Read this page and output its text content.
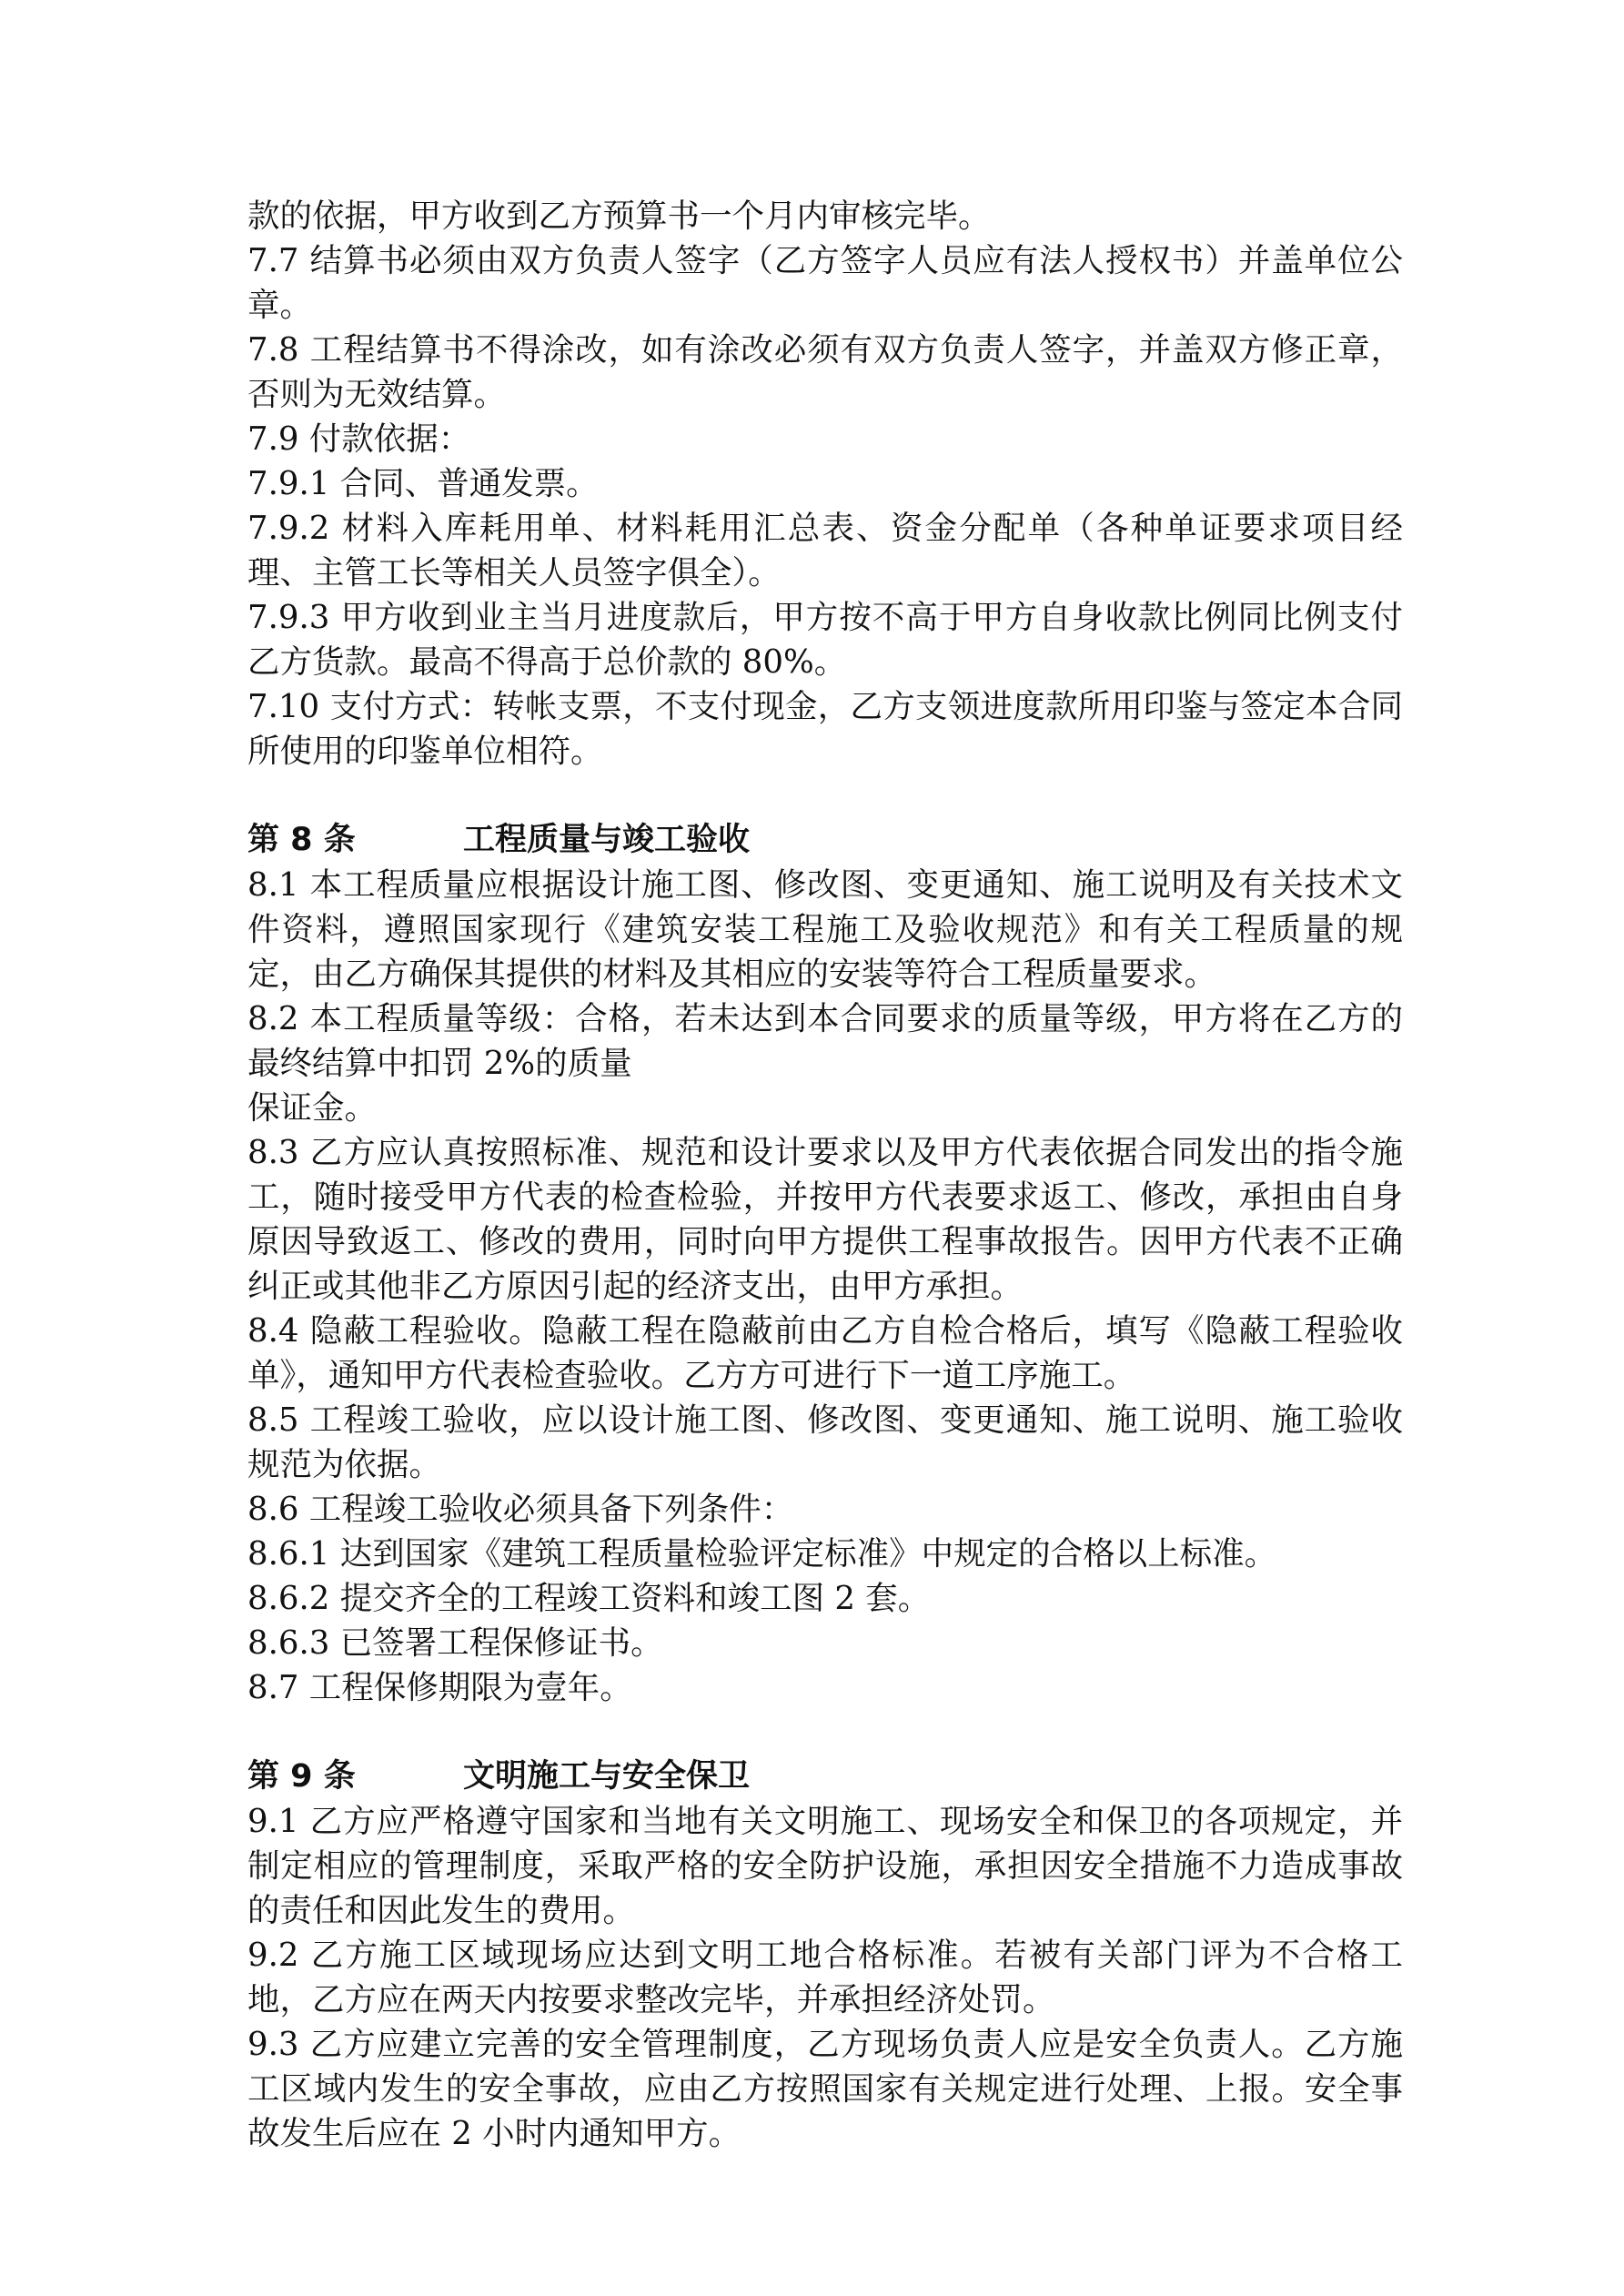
款的依据，甲方收到乙方预算书一个月内审核完毕。

7.7 结算书必须由双方负责人签字（乙方签字人员应有法人授权书）并盖单位公章。

7.8 工程结算书不得涂改，如有涂改必须有双方负责人签字，并盖双方修正章，否则为无效结算。

7.9 付款依据：

7.9.1 合同、普通发票。

7.9.2 材料入库耗用单、材料耗用汇总表、资金分配单（各种单证要求项目经理、主管工长等相关人员签字俱全）。

7.9.3 甲方收到业主当月进度款后，甲方按不高于甲方自身收款比例同比例支付乙方货款。最高不得高于总价款的 80%。

7.10 支付方式：转帐支票，不支付现金，乙方支领进度款所用印鉴与签定本合同所使用的印鉴单位相符。

第 8 条	工程质量与竣工验收

8.1 本工程质量应根据设计施工图、修改图、变更通知、施工说明及有关技术文件资料，遵照国家现行《建筑安装工程施工及验收规范》和有关工程质量的规定，由乙方确保其提供的材料及其相应的安装等符合工程质量要求。

8.2 本工程质量等级：合格，若未达到本合同要求的质量等级，甲方将在乙方的最终结算中扣罚 2%的质量

保证金。

8.3 乙方应认真按照标准、规范和设计要求以及甲方代表依据合同发出的指令施工，随时接受甲方代表的检查检验，并按甲方代表要求返工、修改，承担由自身原因导致返工、修改的费用，同时向甲方提供工程事故报告。因甲方代表不正确纠正或其他非乙方原因引起的经济支出，由甲方承担。

8.4 隐蔽工程验收。隐蔽工程在隐蔽前由乙方自检合格后，填写《隐蔽工程验收单》，通知甲方代表检查验收。乙方方可进行下一道工序施工。

8.5 工程竣工验收，应以设计施工图、修改图、变更通知、施工说明、施工验收规范为依据。

8.6 工程竣工验收必须具备下列条件：

8.6.1 达到国家《建筑工程质量检验评定标准》中规定的合格以上标准。

8.6.2 提交齐全的工程竣工资料和竣工图 2 套。

8.6.3 已签署工程保修证书。

8.7 工程保修期限为壹年。

第 9 条	文明施工与安全保卫

9.1 乙方应严格遵守国家和当地有关文明施工、现场安全和保卫的各项规定，并制定相应的管理制度，采取严格的安全防护设施，承担因安全措施不力造成事故的责任和因此发生的费用。

9.2 乙方施工区域现场应达到文明工地合格标准。若被有关部门评为不合格工地，乙方应在两天内按要求整改完毕，并承担经济处罚。

9.3 乙方应建立完善的安全管理制度，乙方现场负责人应是安全负责人。乙方施工区域内发生的安全事故，应由乙方按照国家有关规定进行处理、上报。安全事故发生后应在 2 小时内通知甲方。
